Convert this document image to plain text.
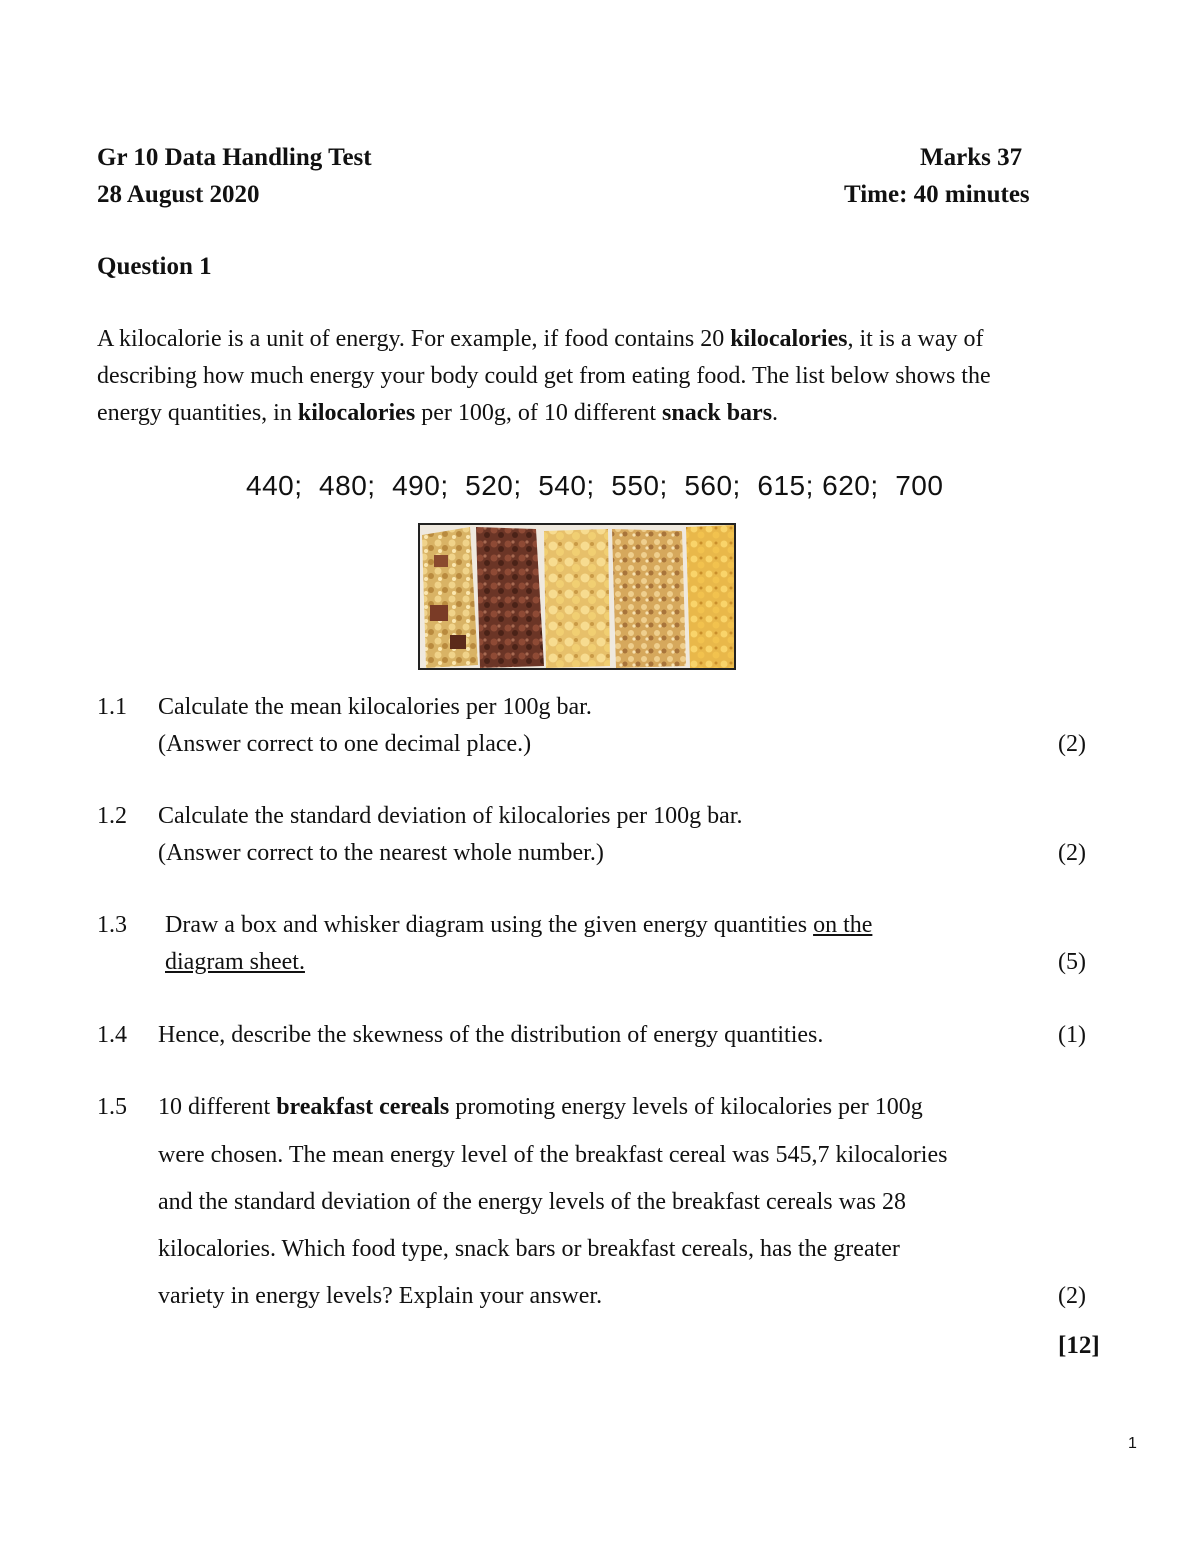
Gr 10 Data Handling Test	Marks 37
28 August 2020	Time: 40 minutes
Question 1
A kilocalorie is a unit of energy. For example, if food contains 20 kilocalories, it is a way of
describing how much energy your body could get from eating food. The list below shows the
energy quantities, in kilocalories per 100g, of 10 different snack bars.
440;  480;  490;  520;  540;  550;  560;  615; 620;  700
1.1 Calculate the mean kilocalories per 100g bar.
(Answer correct to one decimal place.)	(2)
1.2 Calculate the standard deviation of kilocalories per 100g bar.
(Answer correct to the nearest whole number.)	(2)
1.3 Draw a box and whisker diagram using the given energy quantities on the
diagram sheet.	(5)
1.4 Hence, describe the skewness of the distribution of energy quantities.	(1)
1.5 10 different breakfast cereals promoting energy levels of kilocalories per 100g
were chosen. The mean energy level of the breakfast cereal was 545,7 kilocalories
and the standard deviation of the energy levels of the breakfast cereals was 28
kilocalories. Which food type, snack bars or breakfast cereals, has the greater
variety in energy levels? Explain your answer.	(2)
[12]
1
